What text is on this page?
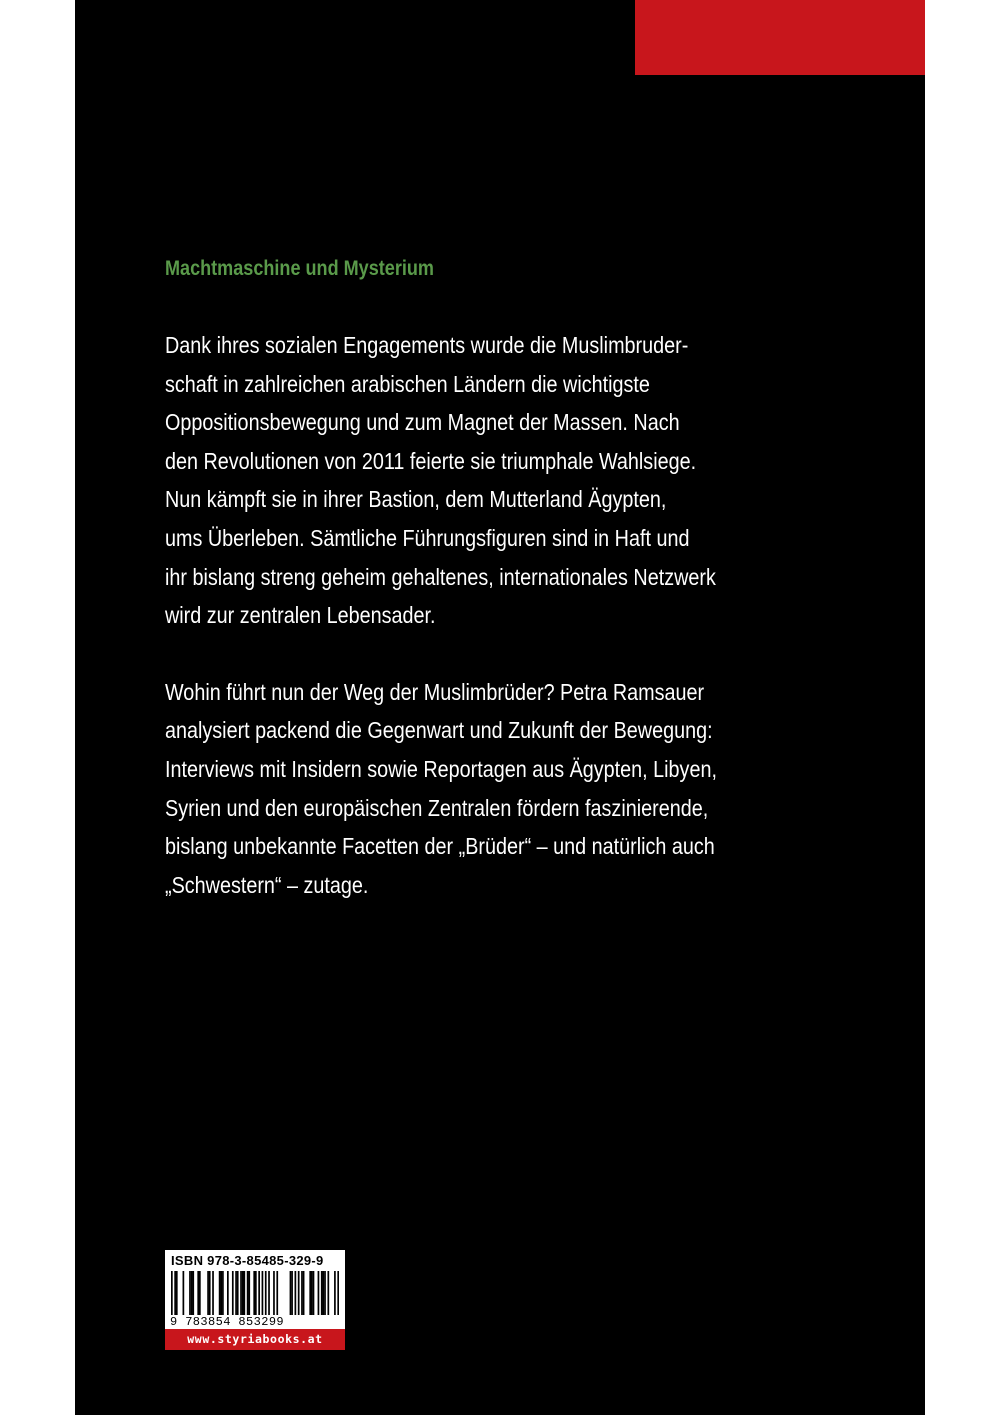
Machtmaschine und Mysterium
Dank ihres sozialen Engagements wurde die Muslimbruder-
schaft in zahlreichen arabischen Ländern die wichtigste
Oppositionsbewegung und zum Magnet der Massen. Nach
den Revolutionen von 2011 feierte sie triumphale Wahlsiege.
Nun kämpft sie in ihrer Bastion, dem Mutterland Ägypten,
ums Überleben. Sämtliche Führungsfiguren sind in Haft und
ihr bislang streng geheim gehaltenes, internationales Netzwerk
wird zur zentralen Lebensader.
Wohin führt nun der Weg der Muslimbrüder? Petra Ramsauer
analysiert packend die Gegenwart und Zukunft der Bewegung:
Interviews mit Insidern sowie Reportagen aus Ägypten, Libyen,
Syrien und den europäischen Zentralen fördern faszinierende,
bislang unbekannte Facetten der „Brüder“ – und natürlich auch
„Schwestern“ – zutage.
ISBN 978-3-85485-329-9
9 783854 853299
www.styriabooks.at
